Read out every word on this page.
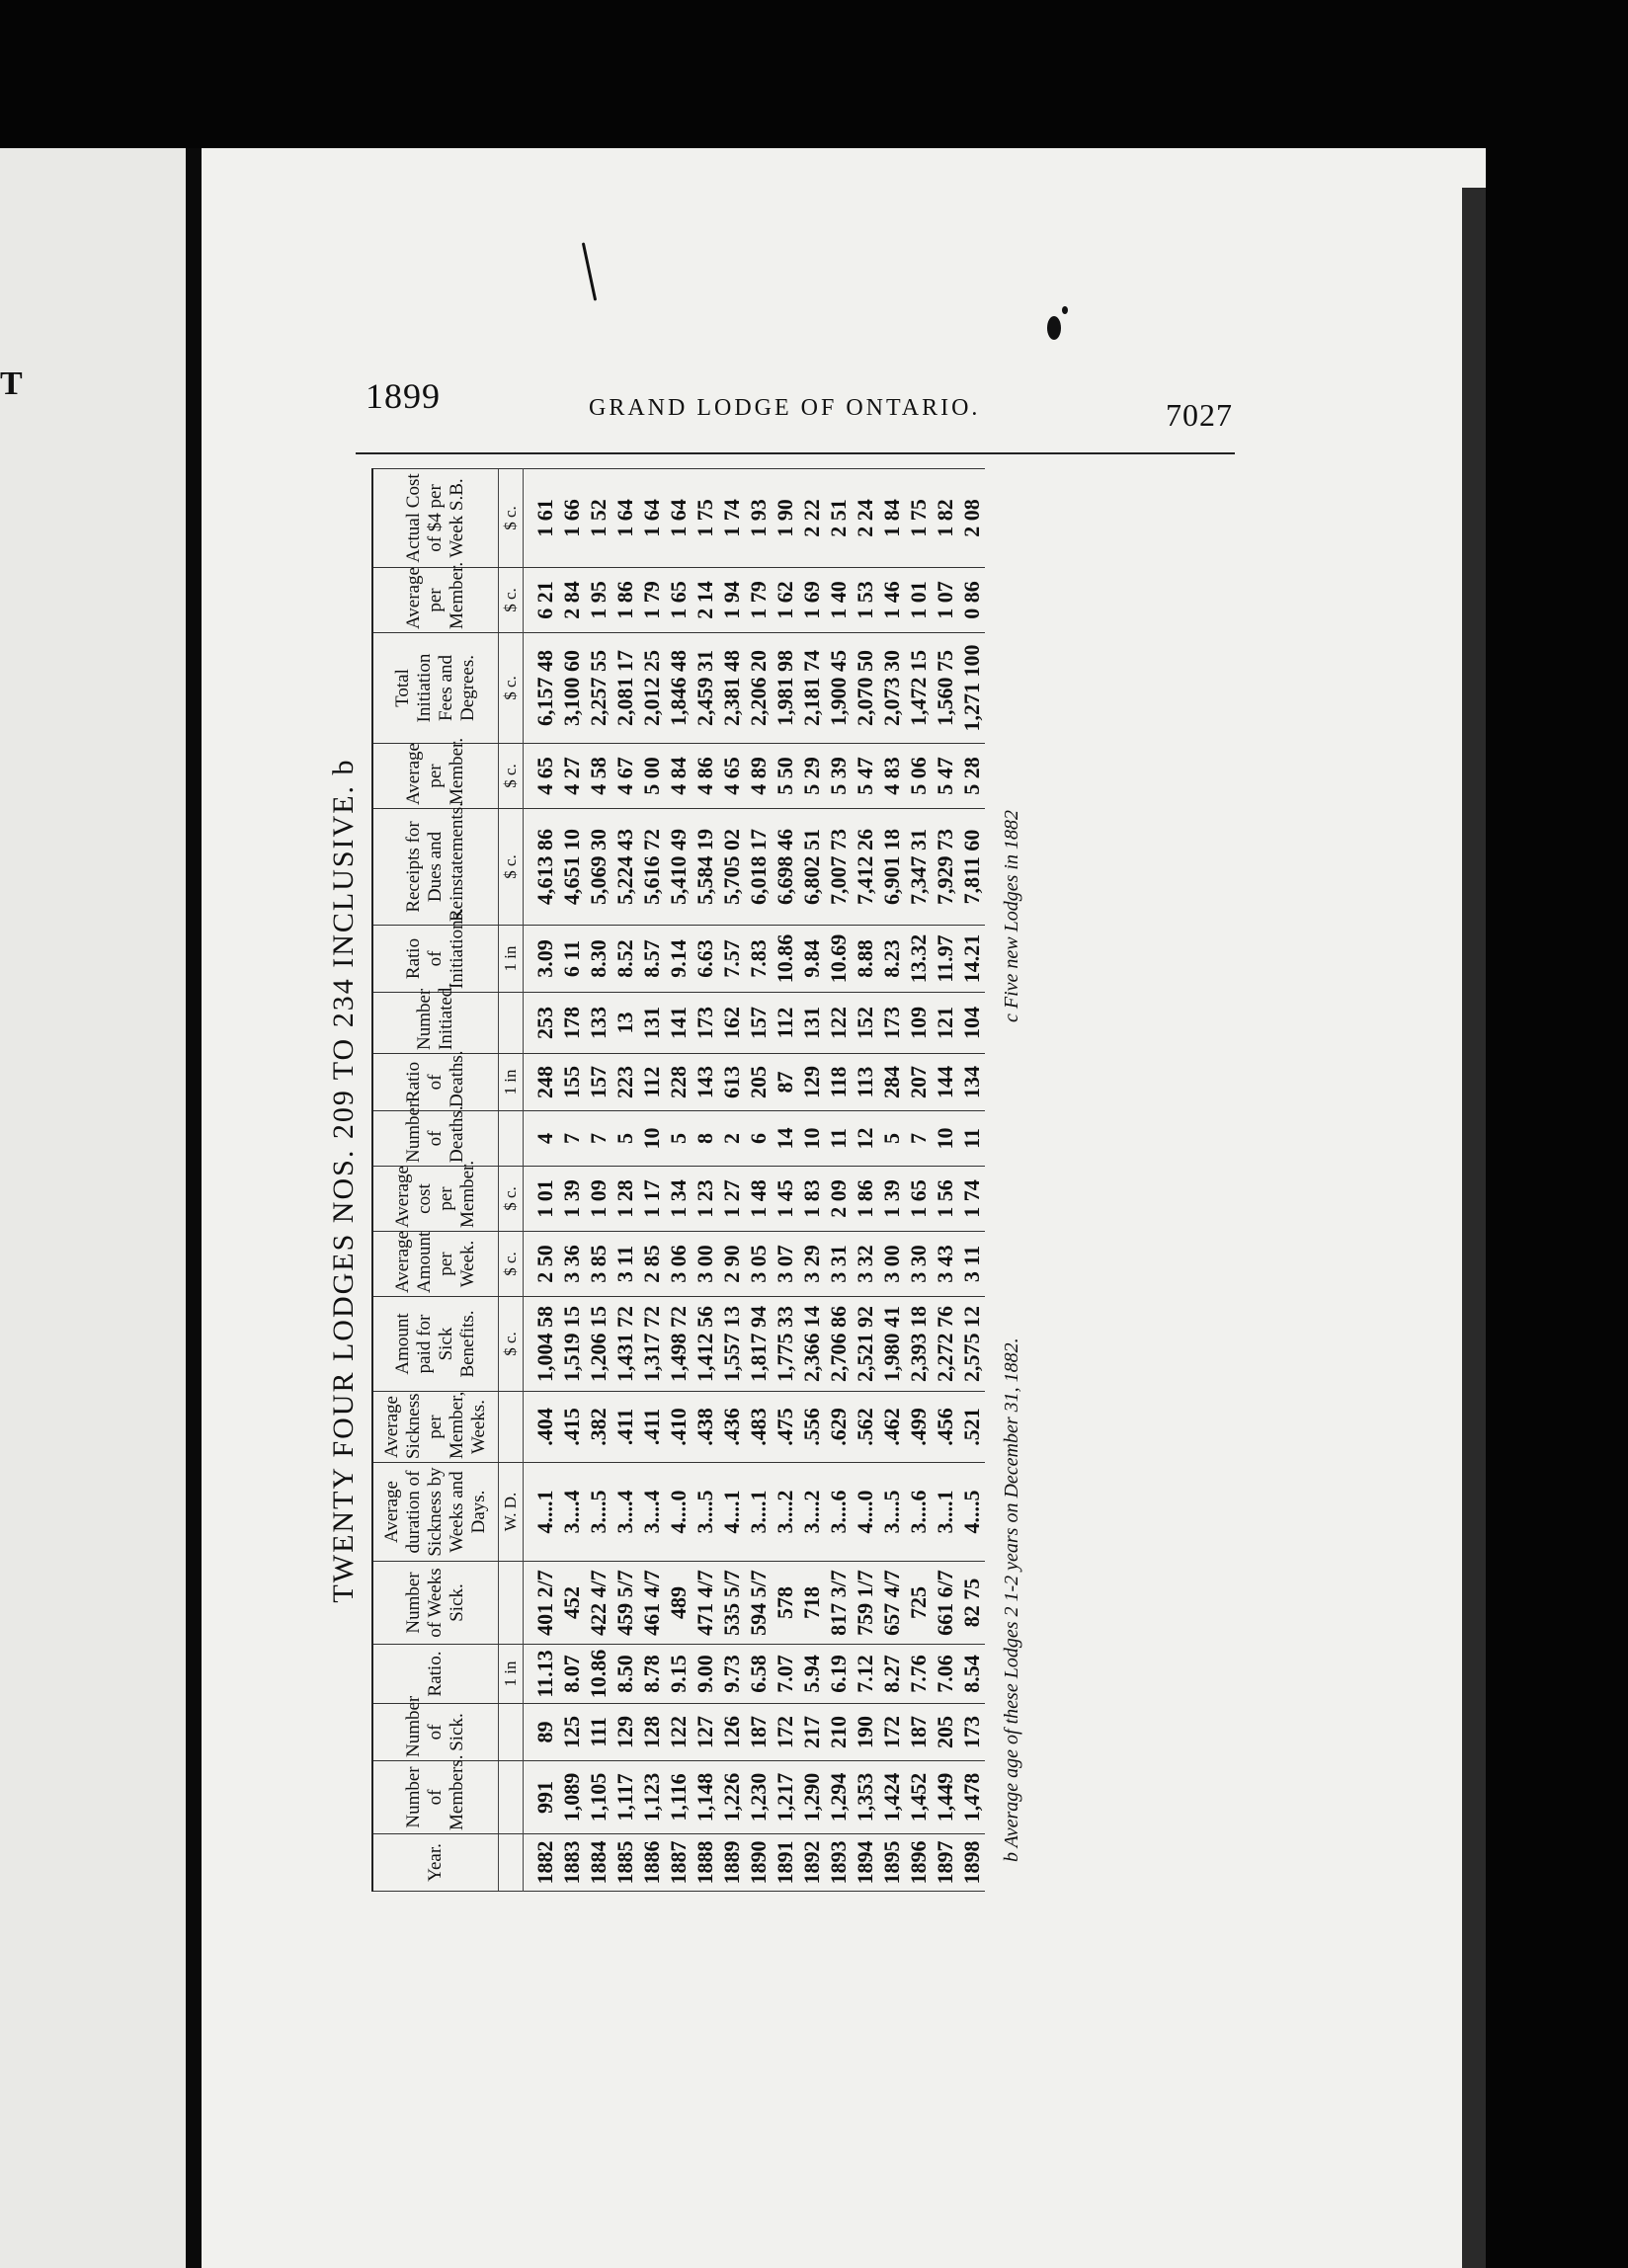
T	1899	GRAND LODGE OF ONTARIO.	7027
TWENTY FOUR LODGES NOS. 209 TO 234 INCLUSIVE. b
Year.	Number of Members.	Number of Sick.	Ratio.	Number of Weeks Sick.	Average duration of Sickness by Weeks and Days.	Average Sickness per Member, Weeks.	Amount paid for Sick Benefits.	Average Amount per Week.	Average cost per Member.	Number of Deaths.	Ratio of Deaths.	Number Initiated.	Ratio of Initiations.	Receipts for Dues and Reinstatements.	Average per Member.	Total Initiation Fees and Degrees.	Average per Member.	Actual Cost of $4 per Week S.B.
			1 in		W. D.		$ c.	$ c.	$ c.		1 in		1 in	$ c.	$ c.	$ c.	$ c.	$ c.
1882	991	89	11.13	401 2/7	4....1	.404	1,004 58	2 50	1 01	4	248	253	3.09	4,613 86	4 65	6,157 48	6 21	1 61
1883	1,089	125	8.07	452	3....4	.415	1,519 15	3 36	1 39	7	155	178	6 11	4,651 10	4 27	3,100 60	2 84	1 66
1884	1,105	111	10.86	422 4/7	3....5	.382	1,206 15	3 85	1 09	7	157	133	8.30	5,069 30	4 58	2,257 55	1 95	1 52
1885	1,117	129	8.50	459 5/7	3....4	.411	1,431 72	3 11	1 28	5	223	13	8.52	5,224 43	4 67	2,081 17	1 86	1 64
1886	1,123	128	8.78	461 4/7	3....4	.411	1,317 72	2 85	1 17	10	112	131	8.57	5,616 72	5 00	2,012 25	1 79	1 64
1887	1,116	122	9.15	489	4....0	.410	1,498 72	3 06	1 34	5	228	141	9.14	5,410 49	4 84	1,846 48	1 65	1 64
1888	1,148	127	9.00	471 4/7	3....5	.438	1,412 56	3 00	1 23	8	143	173	6.63	5,584 19	4 86	2,459 31	2 14	1 75
1889	1,226	126	9.73	535 5/7	4....1	.436	1,557 13	2 90	1 27	2	613	162	7.57	5,705 02	4 65	2,381 48	1 94	1 74
1890	1,230	187	6.58	594 5/7	3....1	.483	1,817 94	3 05	1 48	6	205	157	7.83	6,018 17	4 89	2,206 20	1 79	1 93
1891	1,217	172	7.07	578	3....2	.475	1,775 33	3 07	1 45	14	87	112	10.86	6,698 46	5 50	1,981 98	1 62	1 90
1892	1,290	217	5.94	718	3....2	.556	2,366 14	3 29	1 83	10	129	131	9.84	6,802 51	5 29	2,181 74	1 69	2 22
1893	1,294	210	6.19	817 3/7	3....6	.629	2,706 86	3 31	2 09	11	118	122	10.69	7,007 73	5 39	1,900 45	1 40	2 51
1894	1,353	190	7.12	759 1/7	4....0	.562	2,521 92	3 32	1 86	12	113	152	8.88	7,412 26	5 47	2,070 50	1 53	2 24
1895	1,424	172	8.27	657 4/7	3....5	.462	1,980 41	3 00	1 39	5	284	173	8.23	6,901 18	4 83	2,073 30	1 46	1 84
1896	1,452	187	7.76	725	3....6	.499	2,393 18	3 30	1 65	7	207	109	13.32	7,347 31	5 06	1,472 15	1 01	1 75
1897	1,449	205	7.06	661 6/7	3....1	.456	2,272 76	3 43	1 56	10	144	121	11.97	7,929 73	5 47	1,560 75	1 07	1 82
1898	1,478	173	8.54	82 75	4....5	.521	2,575 12	3 11	1 74	11	134	104	14.21	7,811 60	5 28	1,271 100	0 86	2 08
b Average age of these Lodges 2 1-2 years on December 31, 1882.
c Five new Lodges in 1882
